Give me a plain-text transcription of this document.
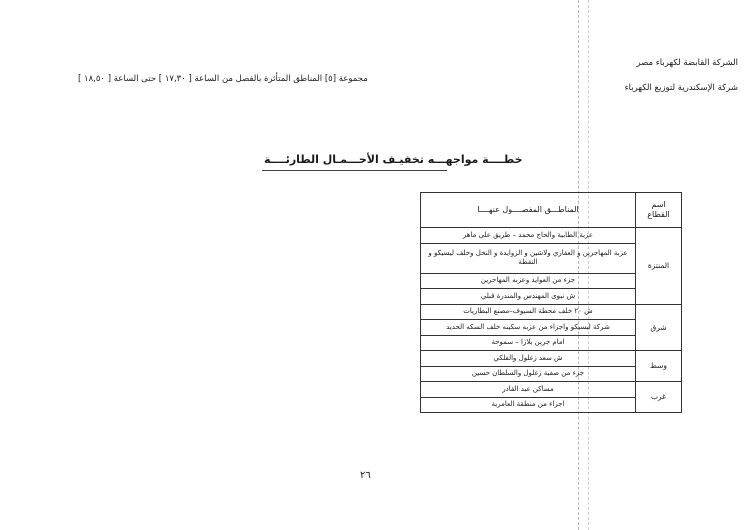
الشركة القابضة لكهرباء مصر
شركة الإسكندرية لتوزيع الكهرباء
مجموعة [٥] المناطق المتأثرة بالفصل من الساعة [ ١٧,٣٠ ] حتى الساعة [ ١٨,٥٠ ]
خطــــة مواجهـــه تخفيـف الأحـــمـال الطارئــــة
اسم القطاع	المناطـــق المفصــــول عنهــــا
المنتزة	عزبة الطابية والحاج محمد – طريق على ماهر
	عزبة المهاجرين و العقاري ولاشين و الزوايدة و النخل وخلف ليسيكو و النقطة
	جزء من العوايد وعزبه المهاجرين
	ش نبوى المهندس والمندرة قبلي
شرق	ش ٢٠ خلف محطة السيوف–مصنع البطاريات
	شركة ليسيكو واجزاء من عزبه سكينه خلف السكه الحديد
	امام جرين بلازا – سموحة
وسط	ش سعد زغلول والفلكي
	جزء من صفية زغلول والسلطان حسين
غرب	مساكن عبد القادر
	اجزاء من منطقة العامرية
٢٦
